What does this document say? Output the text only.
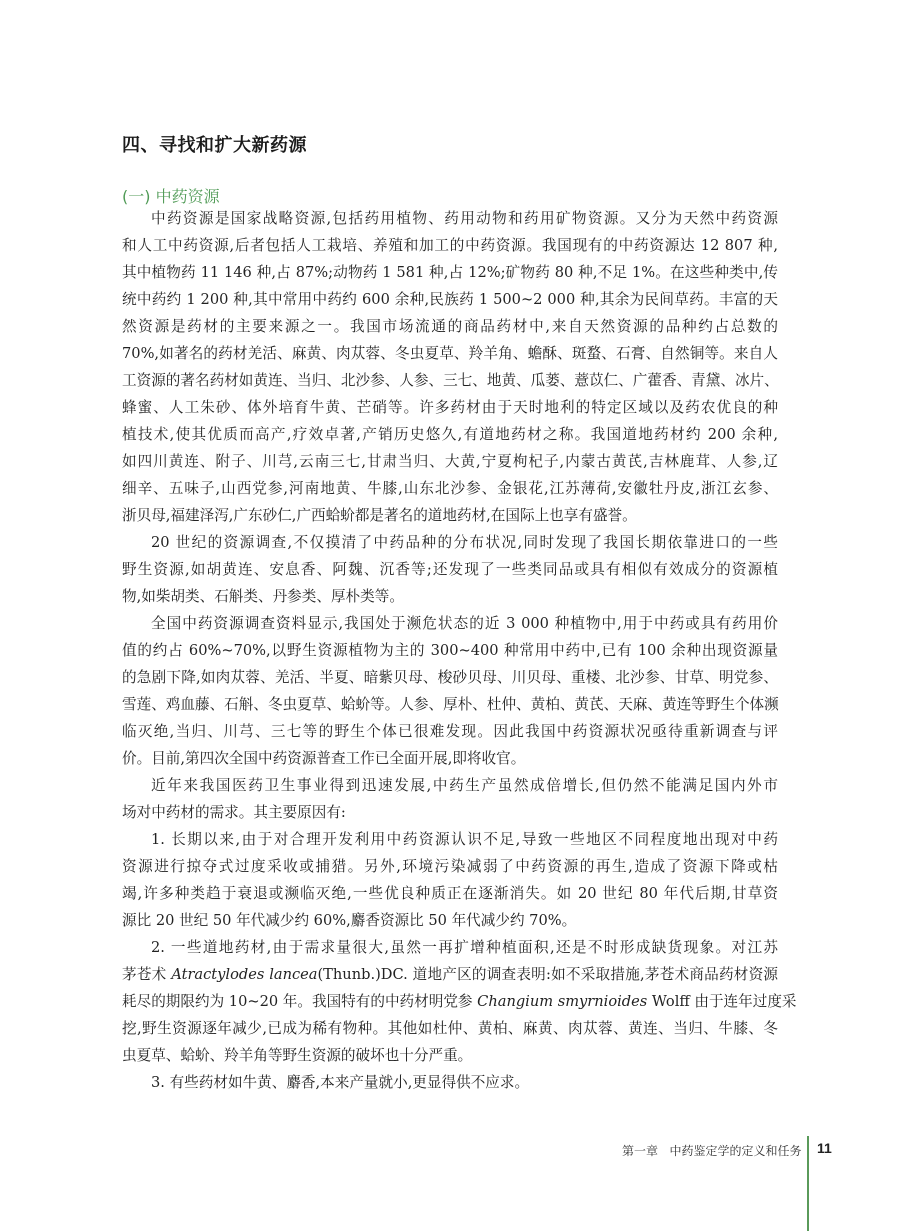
四、寻找和扩大新药源
(一) 中药资源
中药资源是国家战略资源,包括药用植物、药用动物和药用矿物资源。又分为天然中药资源
和人工中药资源,后者包括人工栽培、养殖和加工的中药资源。我国现有的中药资源达 12 807 种,
其中植物药 11 146 种,占 87%;动物药 1 581 种,占 12%;矿物药 80 种,不足 1%。在这些种类中,传
统中药约 1 200 种,其中常用中药约 600 余种,民族药 1 500~2 000 种,其余为民间草药。丰富的天
然资源是药材的主要来源之一。我国市场流通的商品药材中,来自天然资源的品种约占总数的
70%,如著名的药材羌活、麻黄、肉苁蓉、冬虫夏草、羚羊角、蟾酥、斑蝥、石膏、自然铜等。来自人
工资源的著名药材如黄连、当归、北沙参、人参、三七、地黄、瓜蒌、薏苡仁、广藿香、青黛、冰片、
蜂蜜、人工朱砂、体外培育牛黄、芒硝等。许多药材由于天时地利的特定区域以及药农优良的种
植技术,使其优质而高产,疗效卓著,产销历史悠久,有道地药材之称。我国道地药材约 200 余种,
如四川黄连、附子、川芎,云南三七,甘肃当归、大黄,宁夏枸杞子,内蒙古黄芪,吉林鹿茸、人参,辽
细辛、五味子,山西党参,河南地黄、牛膝,山东北沙参、金银花,江苏薄荷,安徽牡丹皮,浙江玄参、
浙贝母,福建泽泻,广东砂仁,广西蛤蚧都是著名的道地药材,在国际上也享有盛誉。
20 世纪的资源调查,不仅摸清了中药品种的分布状况,同时发现了我国长期依靠进口的一些
野生资源,如胡黄连、安息香、阿魏、沉香等;还发现了一些类同品或具有相似有效成分的资源植
物,如柴胡类、石斛类、丹参类、厚朴类等。
全国中药资源调查资料显示,我国处于濒危状态的近 3 000 种植物中,用于中药或具有药用价
值的约占 60%~70%,以野生资源植物为主的 300~400 种常用中药中,已有 100 余种出现资源量
的急剧下降,如肉苁蓉、羌活、半夏、暗紫贝母、梭砂贝母、川贝母、重楼、北沙参、甘草、明党参、
雪莲、鸡血藤、石斛、冬虫夏草、蛤蚧等。人参、厚朴、杜仲、黄柏、黄芪、天麻、黄连等野生个体濒
临灭绝,当归、川芎、三七等的野生个体已很难发现。因此我国中药资源状况亟待重新调查与评
价。目前,第四次全国中药资源普查工作已全面开展,即将收官。
近年来我国医药卫生事业得到迅速发展,中药生产虽然成倍增长,但仍然不能满足国内外市
场对中药材的需求。其主要原因有:
1. 长期以来,由于对合理开发利用中药资源认识不足,导致一些地区不同程度地出现对中药
资源进行掠夺式过度采收或捕猎。另外,环境污染减弱了中药资源的再生,造成了资源下降或枯
竭,许多种类趋于衰退或濒临灭绝,一些优良种质正在逐渐消失。如 20 世纪 80 年代后期,甘草资
源比 20 世纪 50 年代减少约 60%,麝香资源比 50 年代减少约 70%。
2. 一些道地药材,由于需求量很大,虽然一再扩增种植面积,还是不时形成缺货现象。对江苏
茅苍术 Atractylodes lancea(Thunb.)DC. 道地产区的调查表明:如不采取措施,茅苍术商品药材资源
耗尽的期限约为 10~20 年。我国特有的中药材明党参 Changium smyrnioides Wolff 由于连年过度采
挖,野生资源逐年减少,已成为稀有物种。其他如杜仲、黄柏、麻黄、肉苁蓉、黄连、当归、牛膝、冬
虫夏草、蛤蚧、羚羊角等野生资源的破坏也十分严重。
3. 有些药材如牛黄、麝香,本来产量就小,更显得供不应求。
第一章   中药鉴定学的定义和任务 11
